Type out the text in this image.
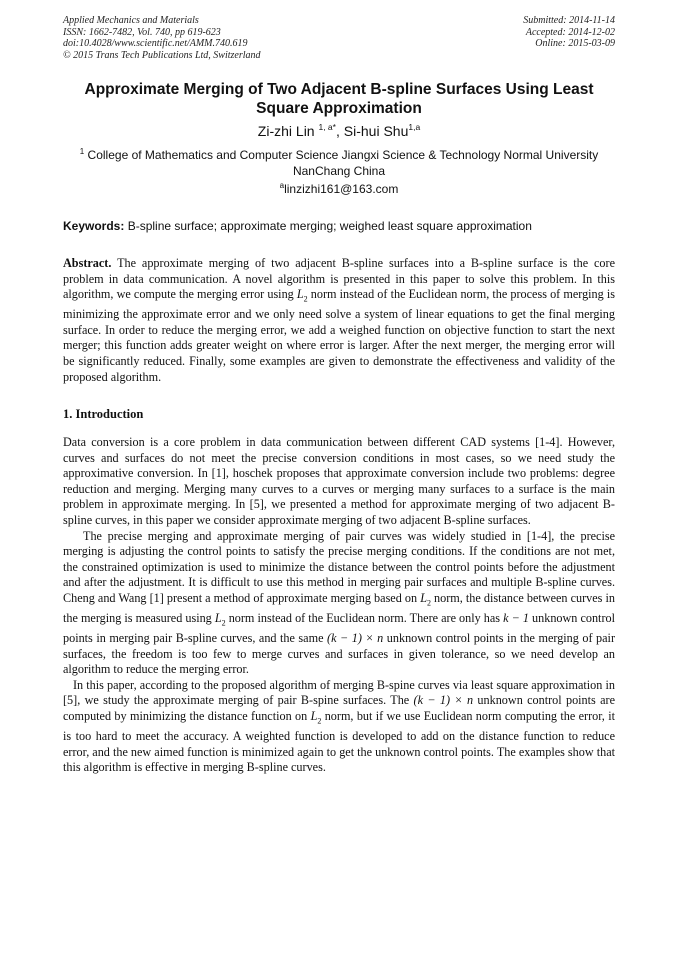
Applied Mechanics and Materials
ISSN: 1662-7482, Vol. 740, pp 619-623
doi:10.4028/www.scientific.net/AMM.740.619
© 2015 Trans Tech Publications Ltd, Switzerland
Submitted: 2014-11-14
Accepted: 2014-12-02
Online: 2015-03-09
Approximate Merging of Two Adjacent B-spline Surfaces Using Least Square Approximation
Zi-zhi Lin $^{1, a*}$, Si-hui Shu$^{1,a}$
$^1$ College of Mathematics and Computer Science Jiangxi Science & Technology Normal University NanChang China
$^a$linzizhi161@163.com
Keywords: B-spline surface; approximate merging; weighed least square approximation
Abstract. The approximate merging of two adjacent B-spline surfaces into a B-spline surface is the core problem in data communication. A novel algorithm is presented in this paper to solve this problem. In this algorithm, we compute the merging error using $L_2$ norm instead of the Euclidean norm, the process of merging is minimizing the approximate error and we only need solve a system of linear equations to get the final merging surface. In order to reduce the merging error, we add a weighed function on objective function to start the next merger; this function adds greater weight on where error is larger. After the next merger, the merging error will be significantly reduced. Finally, some examples are given to demonstrate the effectiveness and validity of the proposed algorithm.
1. Introduction

Data conversion is a core problem in data communication between different CAD systems [1-4]. However, curves and surfaces do not meet the precise conversion conditions in most cases, so we need study the approximative conversion. In [1], hoschek proposes that approximate conversion include two problems: degree reduction and merging. Merging many curves to a curves or merging many surfaces to a surface is the main problem in approximate merging. In [5], we presented a method for approximate merging of two adjacent B-spline curves, in this paper we consider approximate merging of two adjacent B-spline surfaces.

The precise merging and approximate merging of pair curves was widely studied in [1-4], the precise merging is adjusting the control points to satisfy the precise merging conditions. If the conditions are not met, the constrained optimization is used to minimize the distance between the control points before the adjustment and after the adjustment. It is difficult to use this method in merging pair surfaces and multiple B-spline curves. Cheng and Wang [1] present a method of approximate merging based on $L_2$ norm, the distance between curves in the merging is measured using $L_2$ norm instead of the Euclidean norm. There are only has k − 1 unknown control points in merging pair B-spline curves, and the same (k − 1) × n unknown control points in the merging of pair surfaces, the freedom is too few to merge curves and surfaces in given tolerance, so we need develop an algorithm to reduce the merging error.

In this paper, according to the proposed algorithm of merging B-spine curves via least square approximation in [5], we study the approximate merging of pair B-spine surfaces. The (k − 1) × n unknown control points are computed by minimizing the distance function on $L_2$ norm, but if we use Euclidean norm computing the error, it is too hard to meet the accuracy. A weighted function is developed to add on the distance function to reduce error, and the new aimed function is minimized again to get the unknown control points. The examples show that this algorithm is effective in merging B-spline curves.
